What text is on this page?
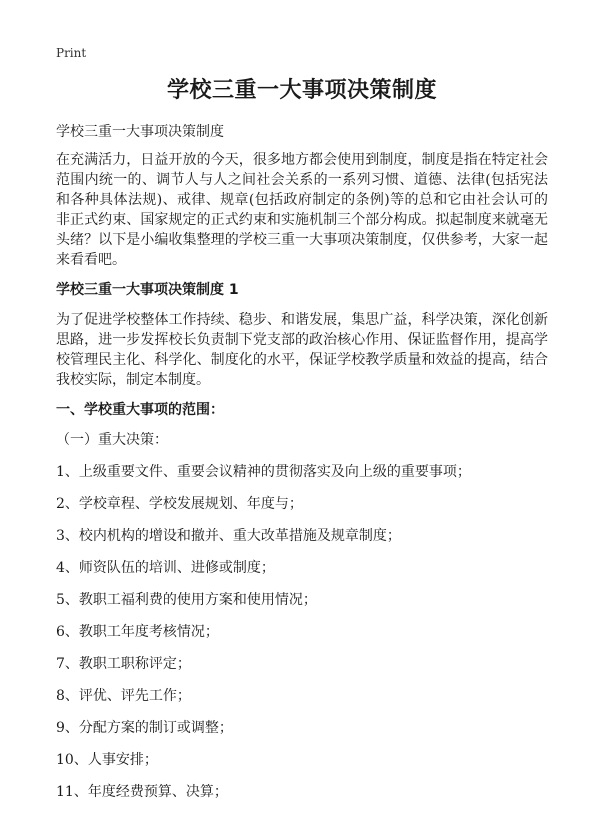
Print
学校三重一大事项决策制度
学校三重一大事项决策制度
在充满活力，日益开放的今天，很多地方都会使用到制度，制度是指在特定社会范围内统一的、调节人与人之间社会关系的一系列习惯、道德、法律(包括宪法和各种具体法规)、戒律、规章(包括政府制定的条例)等的总和它由社会认可的非正式约束、国家规定的正式约束和实施机制三个部分构成。拟起制度来就毫无头绪？以下是小编收集整理的学校三重一大事项决策制度，仅供参考，大家一起来看看吧。
学校三重一大事项决策制度 1
为了促进学校整体工作持续、稳步、和谐发展，集思广益，科学决策，深化创新思路，进一步发挥校长负责制下党支部的政治核心作用、保证监督作用，提高学校管理民主化、科学化、制度化的水平，保证学校教学质量和效益的提高，结合我校实际，制定本制度。
一、学校重大事项的范围：
（一）重大决策：
1、上级重要文件、重要会议精神的贯彻落实及向上级的重要事项；
2、学校章程、学校发展规划、年度与；
3、校内机构的增设和撤并、重大改革措施及规章制度；
4、师资队伍的培训、进修或制度；
5、教职工福利费的使用方案和使用情况；
6、教职工年度考核情况；
7、教职工职称评定；
8、评优、评先工作；
9、分配方案的制订或调整；
10、人事安排；
11、年度经费预算、决算；
